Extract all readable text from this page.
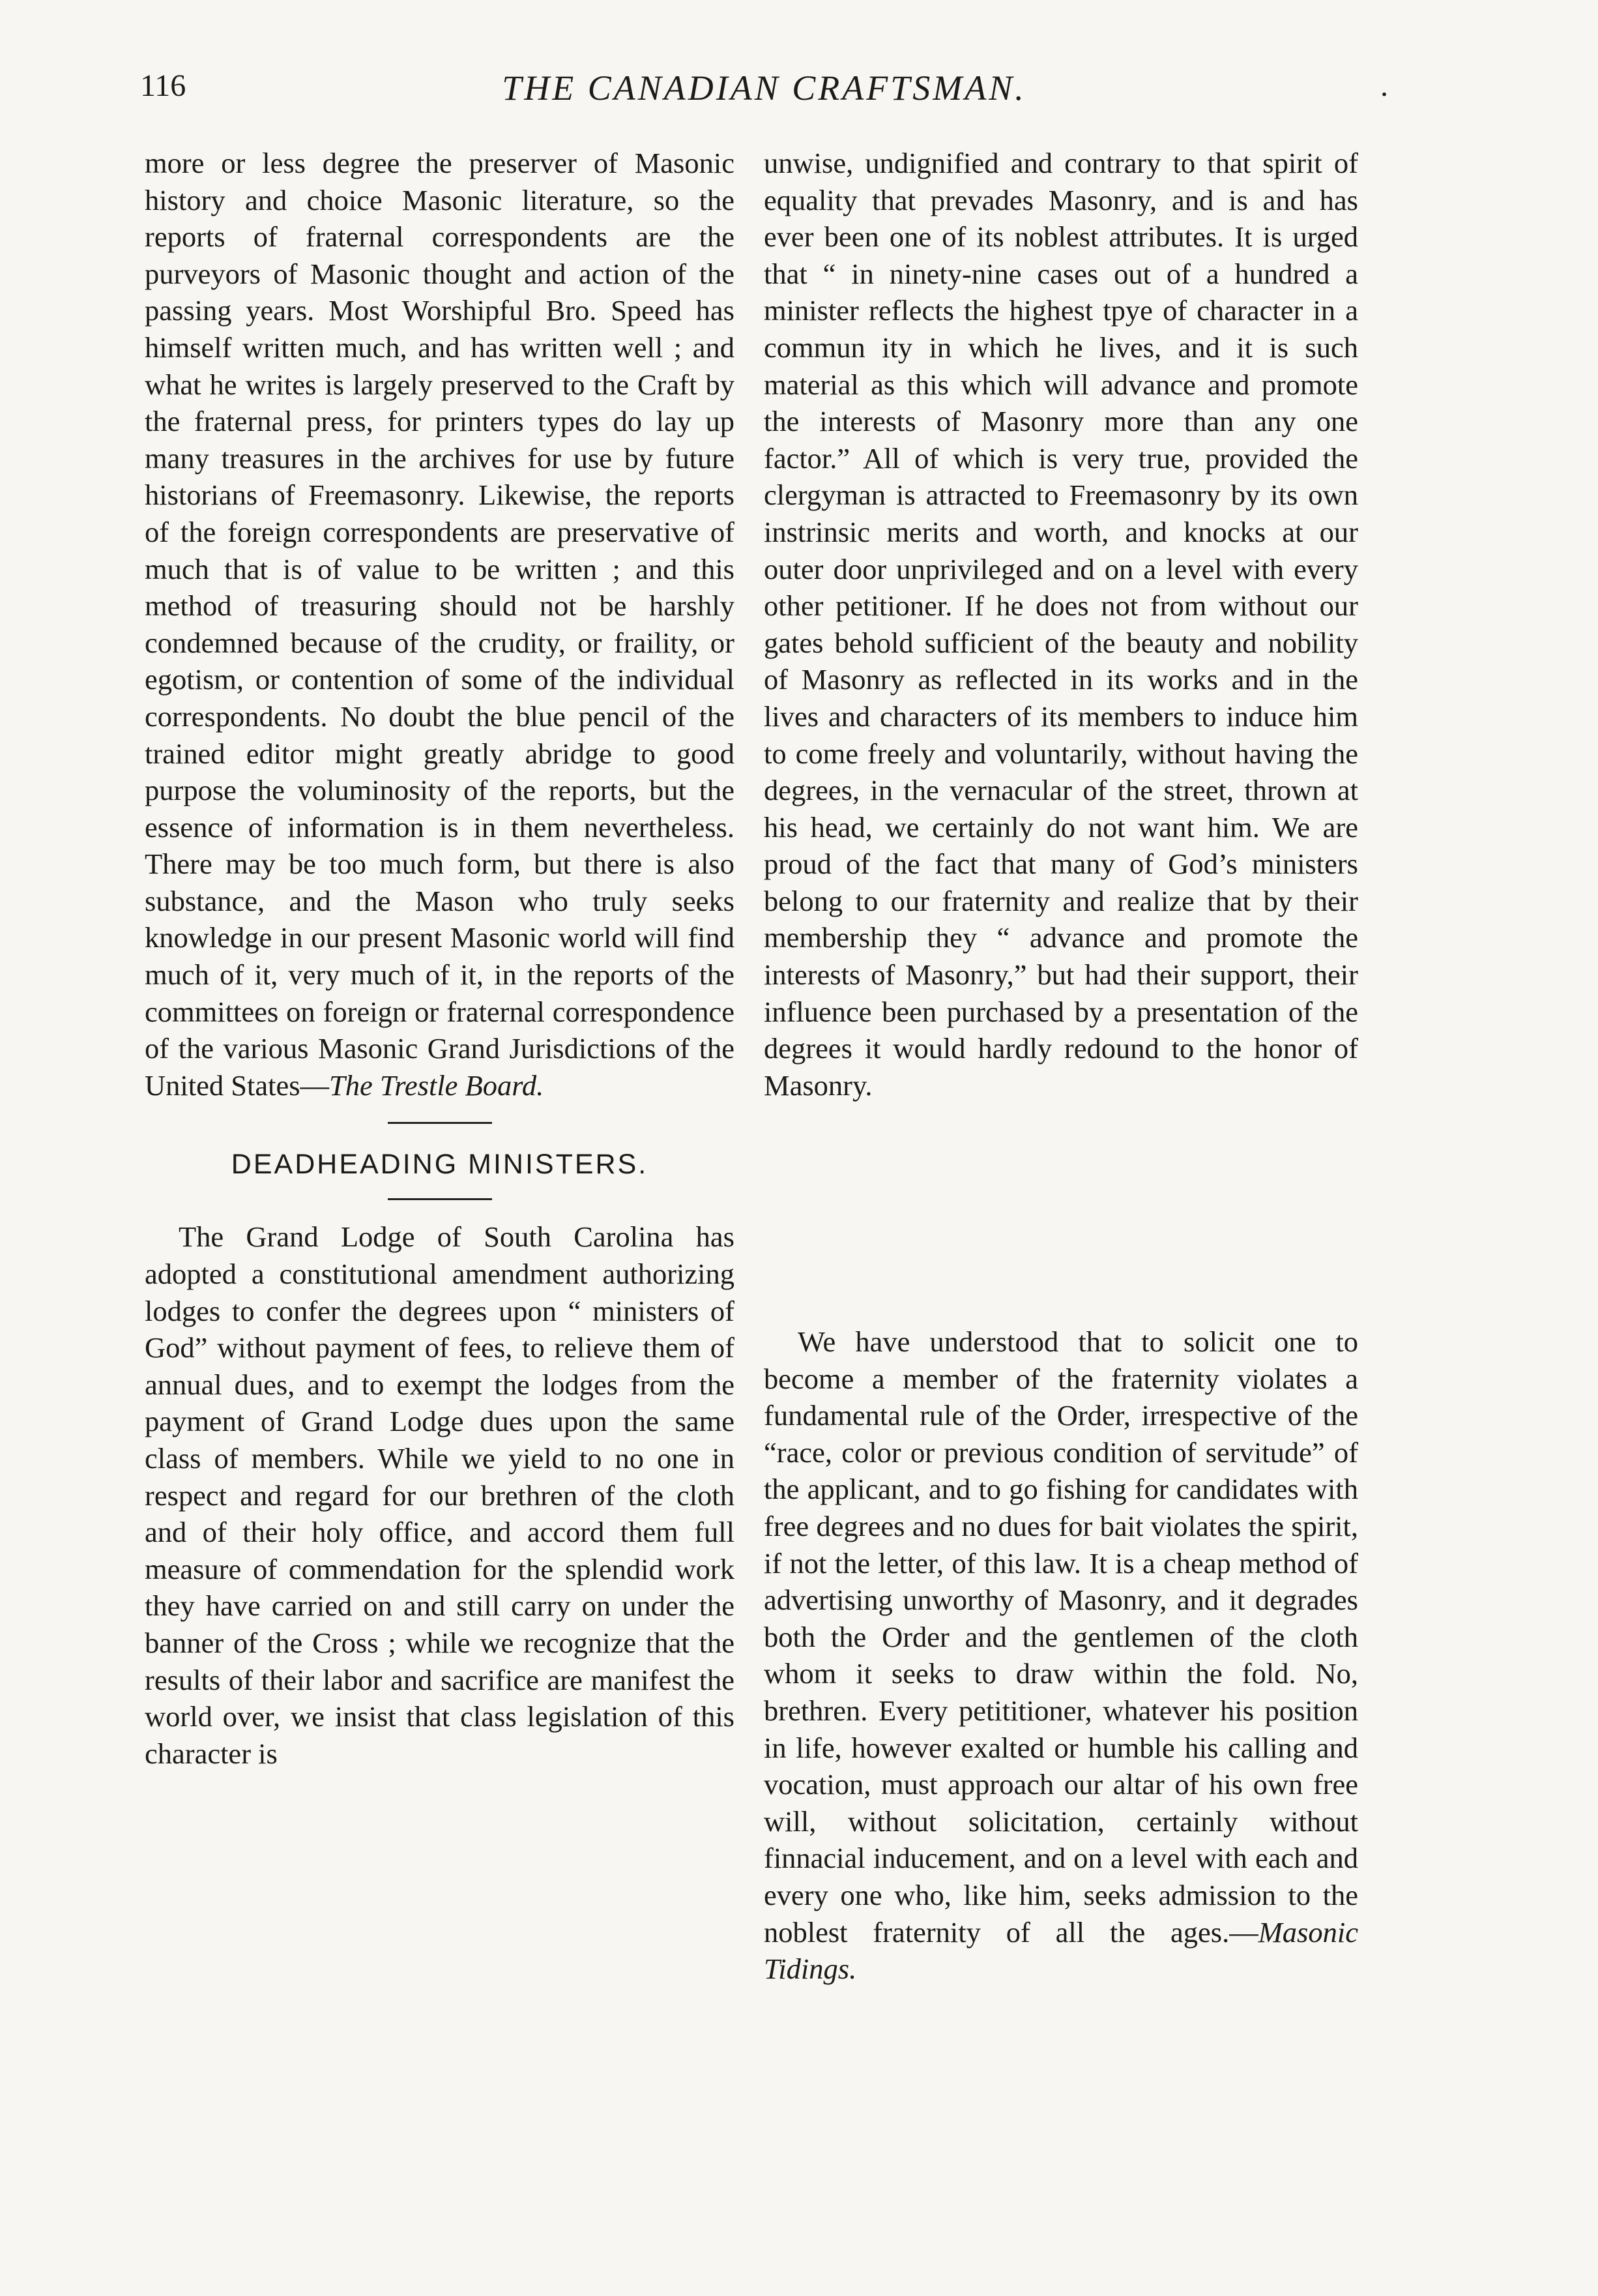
116	THE CANADIAN CRAFTSMAN.	.

more or less degree the preserver of Masonic history and choice Masonic literature, so the reports of fraternal correspondents are the purveyors of Masonic thought and action of the passing years. Most Worshipful Bro. Speed has himself written much, and has written well ; and what he writes is largely preserved to the Craft by the fraternal press, for printers types do lay up many treasures in the archives for use by future historians of Freemasonry. Likewise, the reports of the foreign correspondents are preservative of much that is of value to be written ; and this method of treasuring should not be harshly condemned because of the crudity, or fraility, or egotism, or contention of some of the individual correspondents. No doubt the blue pencil of the trained editor might greatly abridge to good purpose the voluminosity of the reports, but the essence of information is in them nevertheless. There may be too much form, but there is also substance, and the Mason who truly seeks knowledge in our present Masonic world will find much of it, very much of it, in the reports of the committees on foreign or fraternal correspondence of the various Masonic Grand Jurisdictions of the United States—The Trestle Board.

DEADHEADING MINISTERS.

The Grand Lodge of South Carolina has adopted a constitutional amendment authorizing lodges to confer the degrees upon “ ministers of God” without payment of fees, to relieve them of annual dues, and to exempt the lodges from the payment of Grand Lodge dues upon the same class of members. While we yield to no one in respect and regard for our brethren of the cloth and of their holy office, and accord them full measure of commendation for the splendid work they have carried on and still carry on under the banner of the Cross ; while we recognize that the results of their labor and sacrifice are manifest the world over, we insist that class legislation of this character is

unwise, undignified and contrary to that spirit of equality that prevades Masonry, and is and has ever been one of its noblest attributes. It is urged that “ in ninety-nine cases out of a hundred a minister reflects the highest tpye of character in a commun ity in which he lives, and it is such material as this which will advance and promote the interests of Masonry more than any one factor.” All of which is very true, provided the clergyman is attracted to Freemasonry by its own instrinsic merits and worth, and knocks at our outer door unprivileged and on a level with every other petitioner. If he does not from without our gates behold sufficient of the beauty and nobility of Masonry as reflected in its works and in the lives and characters of its members to induce him to come freely and voluntarily, without having the degrees, in the vernacular of the street, thrown at his head, we certainly do not want him. We are proud of the fact that many of God’s ministers belong to our fraternity and realize that by their membership they “ advance and promote the interests of Masonry,” but had their support, their influence been purchased by a presentation of the degrees it would hardly redound to the honor of Masonry.

We have understood that to solicit one to become a member of the fraternity violates a fundamental rule of the Order, irrespective of the “race, color or previous condition of servitude” of the applicant, and to go fishing for candidates with free degrees and no dues for bait violates the spirit, if not the letter, of this law. It is a cheap method of advertising unworthy of Masonry, and it degrades both the Order and the gentlemen of the cloth whom it seeks to draw within the fold. No, brethren. Every petititioner, whatever his position in life, however exalted or humble his calling and vocation, must approach our altar of his own free will, without solicitation, certainly without finnacial inducement, and on a level with each and every one who, like him, seeks admission to the noblest fraternity of all the ages.—Masonic Tidings.
